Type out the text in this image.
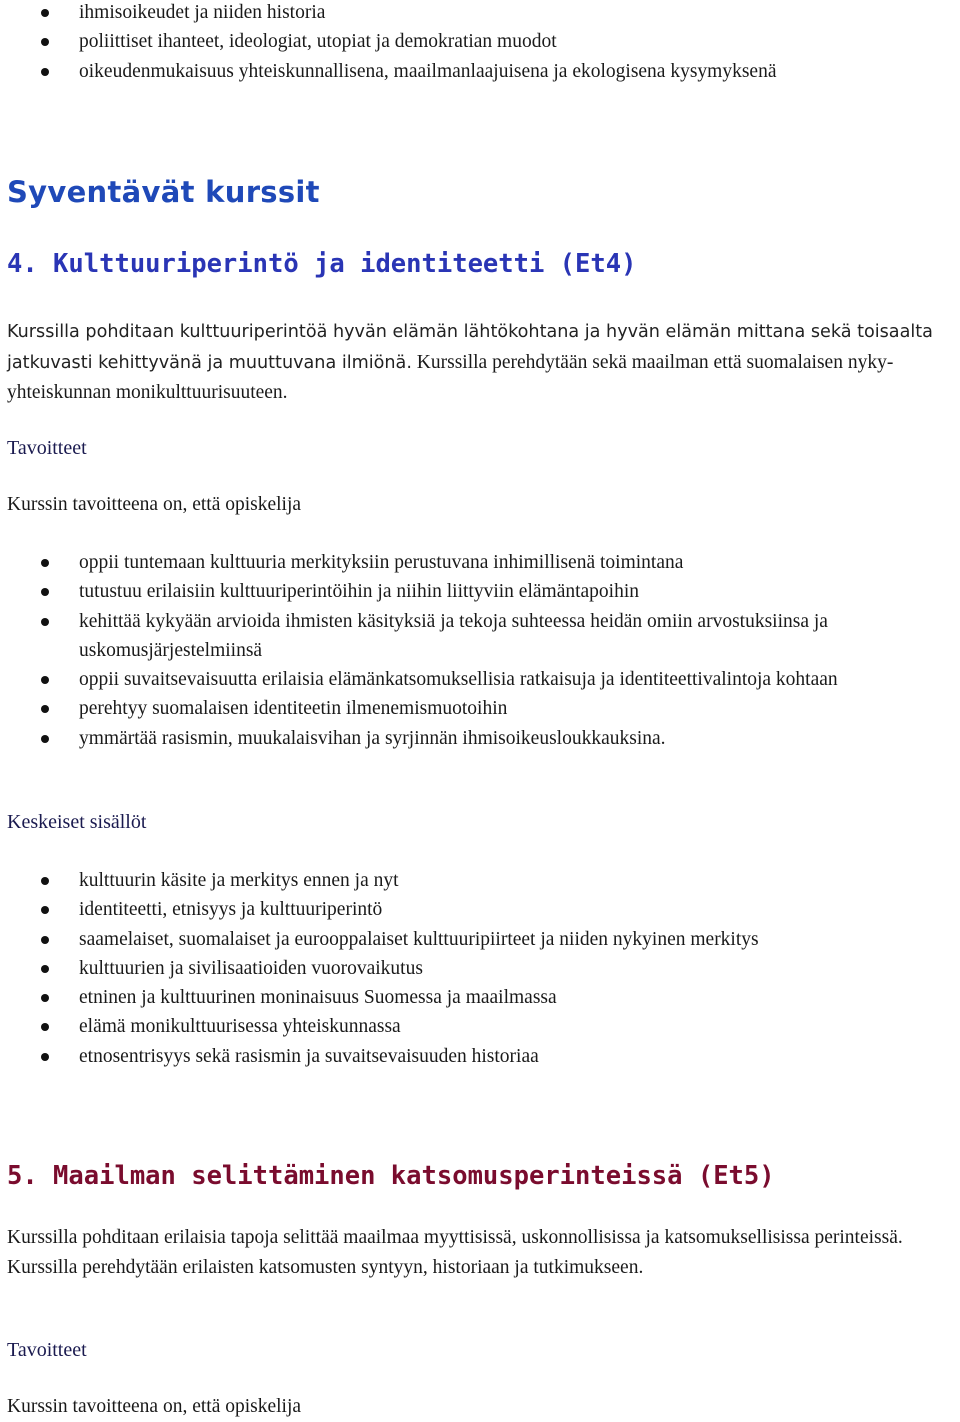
ihmisoikeudet ja niiden historia
poliittiset ihanteet, ideologiat, utopiat ja demokratian muodot
oikeudenmukaisuus yhteiskunnallisena, maailmanlaajuisena ja ekologisena kysymyksenä
Syventävät kurssit
4. Kulttuuriperintö ja identiteetti (Et4)

Kurssilla pohditaan kulttuuriperintöä hyvän elämän lähtökohtana ja hyvän elämän mittana sekä toisaalta jatkuvasti kehittyvänä ja muuttuvana ilmiönä. Kurssilla perehdytään sekä maailman että suomalaisen nyky-yhteiskunnan monikulttuurisuuteen.

Tavoitteet

Kurssin tavoitteena on, että opiskelija

oppii tuntemaan kulttuuria merkityksiin perustuvana inhimillisenä toimintana
tutustuu erilaisiin kulttuuriperintöihin ja niihin liittyviin elämäntapoihin
kehittää kykyään arvioida ihmisten käsityksiä ja tekoja suhteessa heidän omiin arvostuksiinsa ja uskomusjärjestelmiinsä
oppii suvaitsevaisuutta erilaisia elämänkatsomuksellisia ratkaisuja ja identiteettivalintoja kohtaan
perehtyy suomalaisen identiteetin ilmenemismuotoihin
ymmärtää rasismin, muukalaisvihan ja syrjinnän ihmisoikeusloukkauksina.

Keskeiset sisällöt

kulttuurin käsite ja merkitys ennen ja nyt
identiteetti, etnisyys ja kulttuuriperintö
saamelaiset, suomalaiset ja eurooppalaiset kulttuuripiirteet ja niiden nykyinen merkitys
kulttuurien ja sivilisaatioiden vuorovaikutus
etninen ja kulttuurinen moninaisuus Suomessa ja maailmassa
elämä monikulttuurisessa yhteiskunnassa
etnosentrisyys sekä rasismin ja suvaitsevaisuuden historiaa
5. Maailman selittäminen katsomusperinteissä (Et5)

Kurssilla pohditaan erilaisia tapoja selittää maailmaa myyttisissä, uskonnollisissa ja katsomuksellisissa perinteissä. Kurssilla perehdytään erilaisten katsomusten syntyyn, historiaan ja tutkimukseen.

Tavoitteet

Kurssin tavoitteena on, että opiskelija
